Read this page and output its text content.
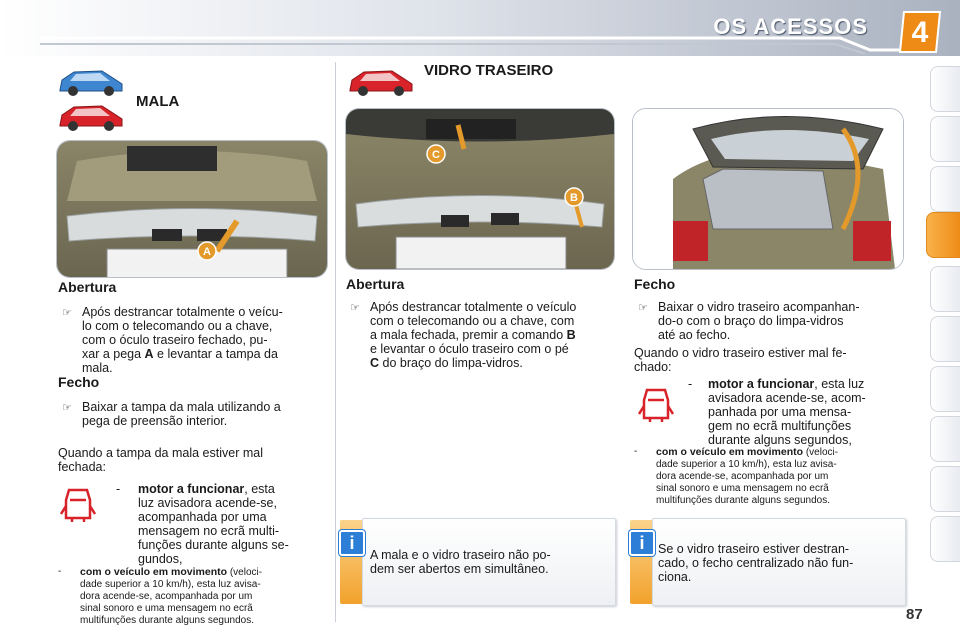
OS ACESSOS	4
MALA
A
Abertura
☞ Após destrancar totalmente o veícu-
lo com o telecomando ou a chave,
com o óculo traseiro fechado, pu-
xar a pega A e levantar a tampa da
mala.
Fecho
☞ Baixar a tampa da mala utilizando a
pega de preensão interior.
Quando a tampa da mala estiver mal
fechada:
- motor a funcionar, esta
luz avisadora acende-se,
acompanhada por uma
mensagem no ecrã multi-
funções durante alguns se-
gundos,
- com o veículo em movimento (veloci-
dade superior a 10 km/h), esta luz avisa-
dora acende-se, acompanhada por um
sinal sonoro e uma mensagem no ecrã
multifunções durante alguns segundos.
VIDRO TRASEIRO
C
B
Abertura
☞ Após destrancar totalmente o veículo
com o telecomando ou a chave, com
a mala fechada, premir a comando B
e levantar o óculo traseiro com o pé
C do braço do limpa-vidros.
Fecho
☞ Baixar o vidro traseiro acompanhan-
do-o com o braço do limpa-vidros
até ao fecho.
Quando o vidro traseiro estiver mal fe-
chado:
- motor a funcionar, esta luz
avisadora acende-se, acom-
panhada por uma mensa-
gem no ecrã multifunções
durante alguns segundos,
- com o veículo em movimento (veloci-
dade superior a 10 km/h), esta luz avisa-
dora acende-se, acompanhada por um
sinal sonoro e uma mensagem no ecrã
multifunções durante alguns segundos.
i
A mala e o vidro traseiro não po-
dem ser abertos em simultâneo.
i	Se o vidro traseiro estiver destran-
cado, o fecho centralizado não fun-
ciona.
87
